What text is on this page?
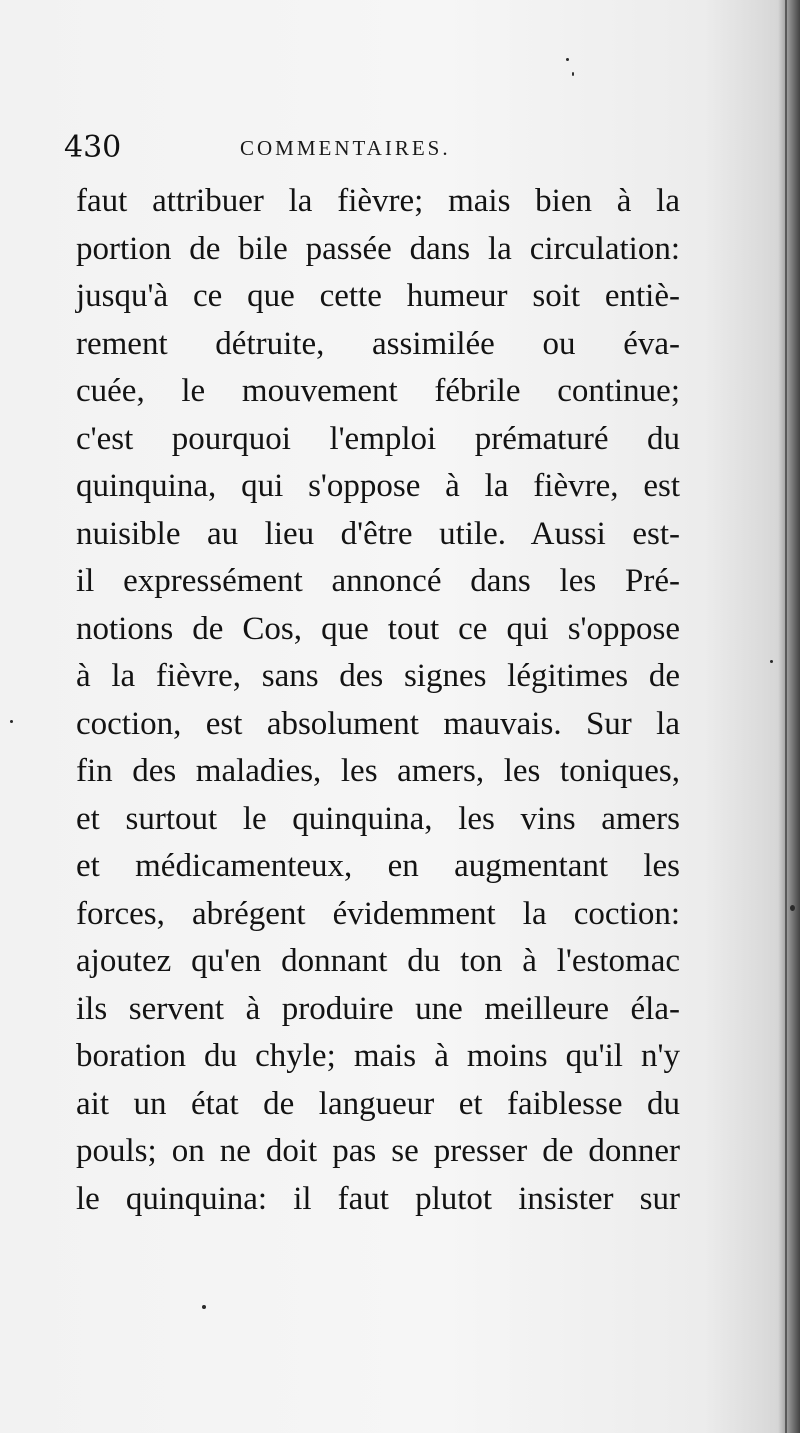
430	COMMENTAIRES.
faut attribuer la fièvre; mais bien à la
portion de bile passée dans la circulation:
jusqu'à ce que cette humeur soit entiè-
rement détruite, assimilée ou éva-
cuée, le mouvement fébrile continue;
c'est pourquoi l'emploi prématuré du
quinquina, qui s'oppose à la fièvre, est
nuisible au lieu d'être utile. Aussi est-
il expressément annoncé dans les Pré-
notions de Cos, que tout ce qui s'oppose
à la fièvre, sans des signes légitimes de
coction, est absolument mauvais. Sur la
fin des maladies, les amers, les toniques,
et surtout le quinquina, les vins amers
et médicamenteux, en augmentant les
forces, abrégent évidemment la coction:
ajoutez qu'en donnant du ton à l'estomac
ils servent à produire une meilleure éla-
boration du chyle; mais à moins qu'il n'y
ait un état de langueur et faiblesse du
pouls; on ne doit pas se presser de donner
le quinquina: il faut plutot insister sur
